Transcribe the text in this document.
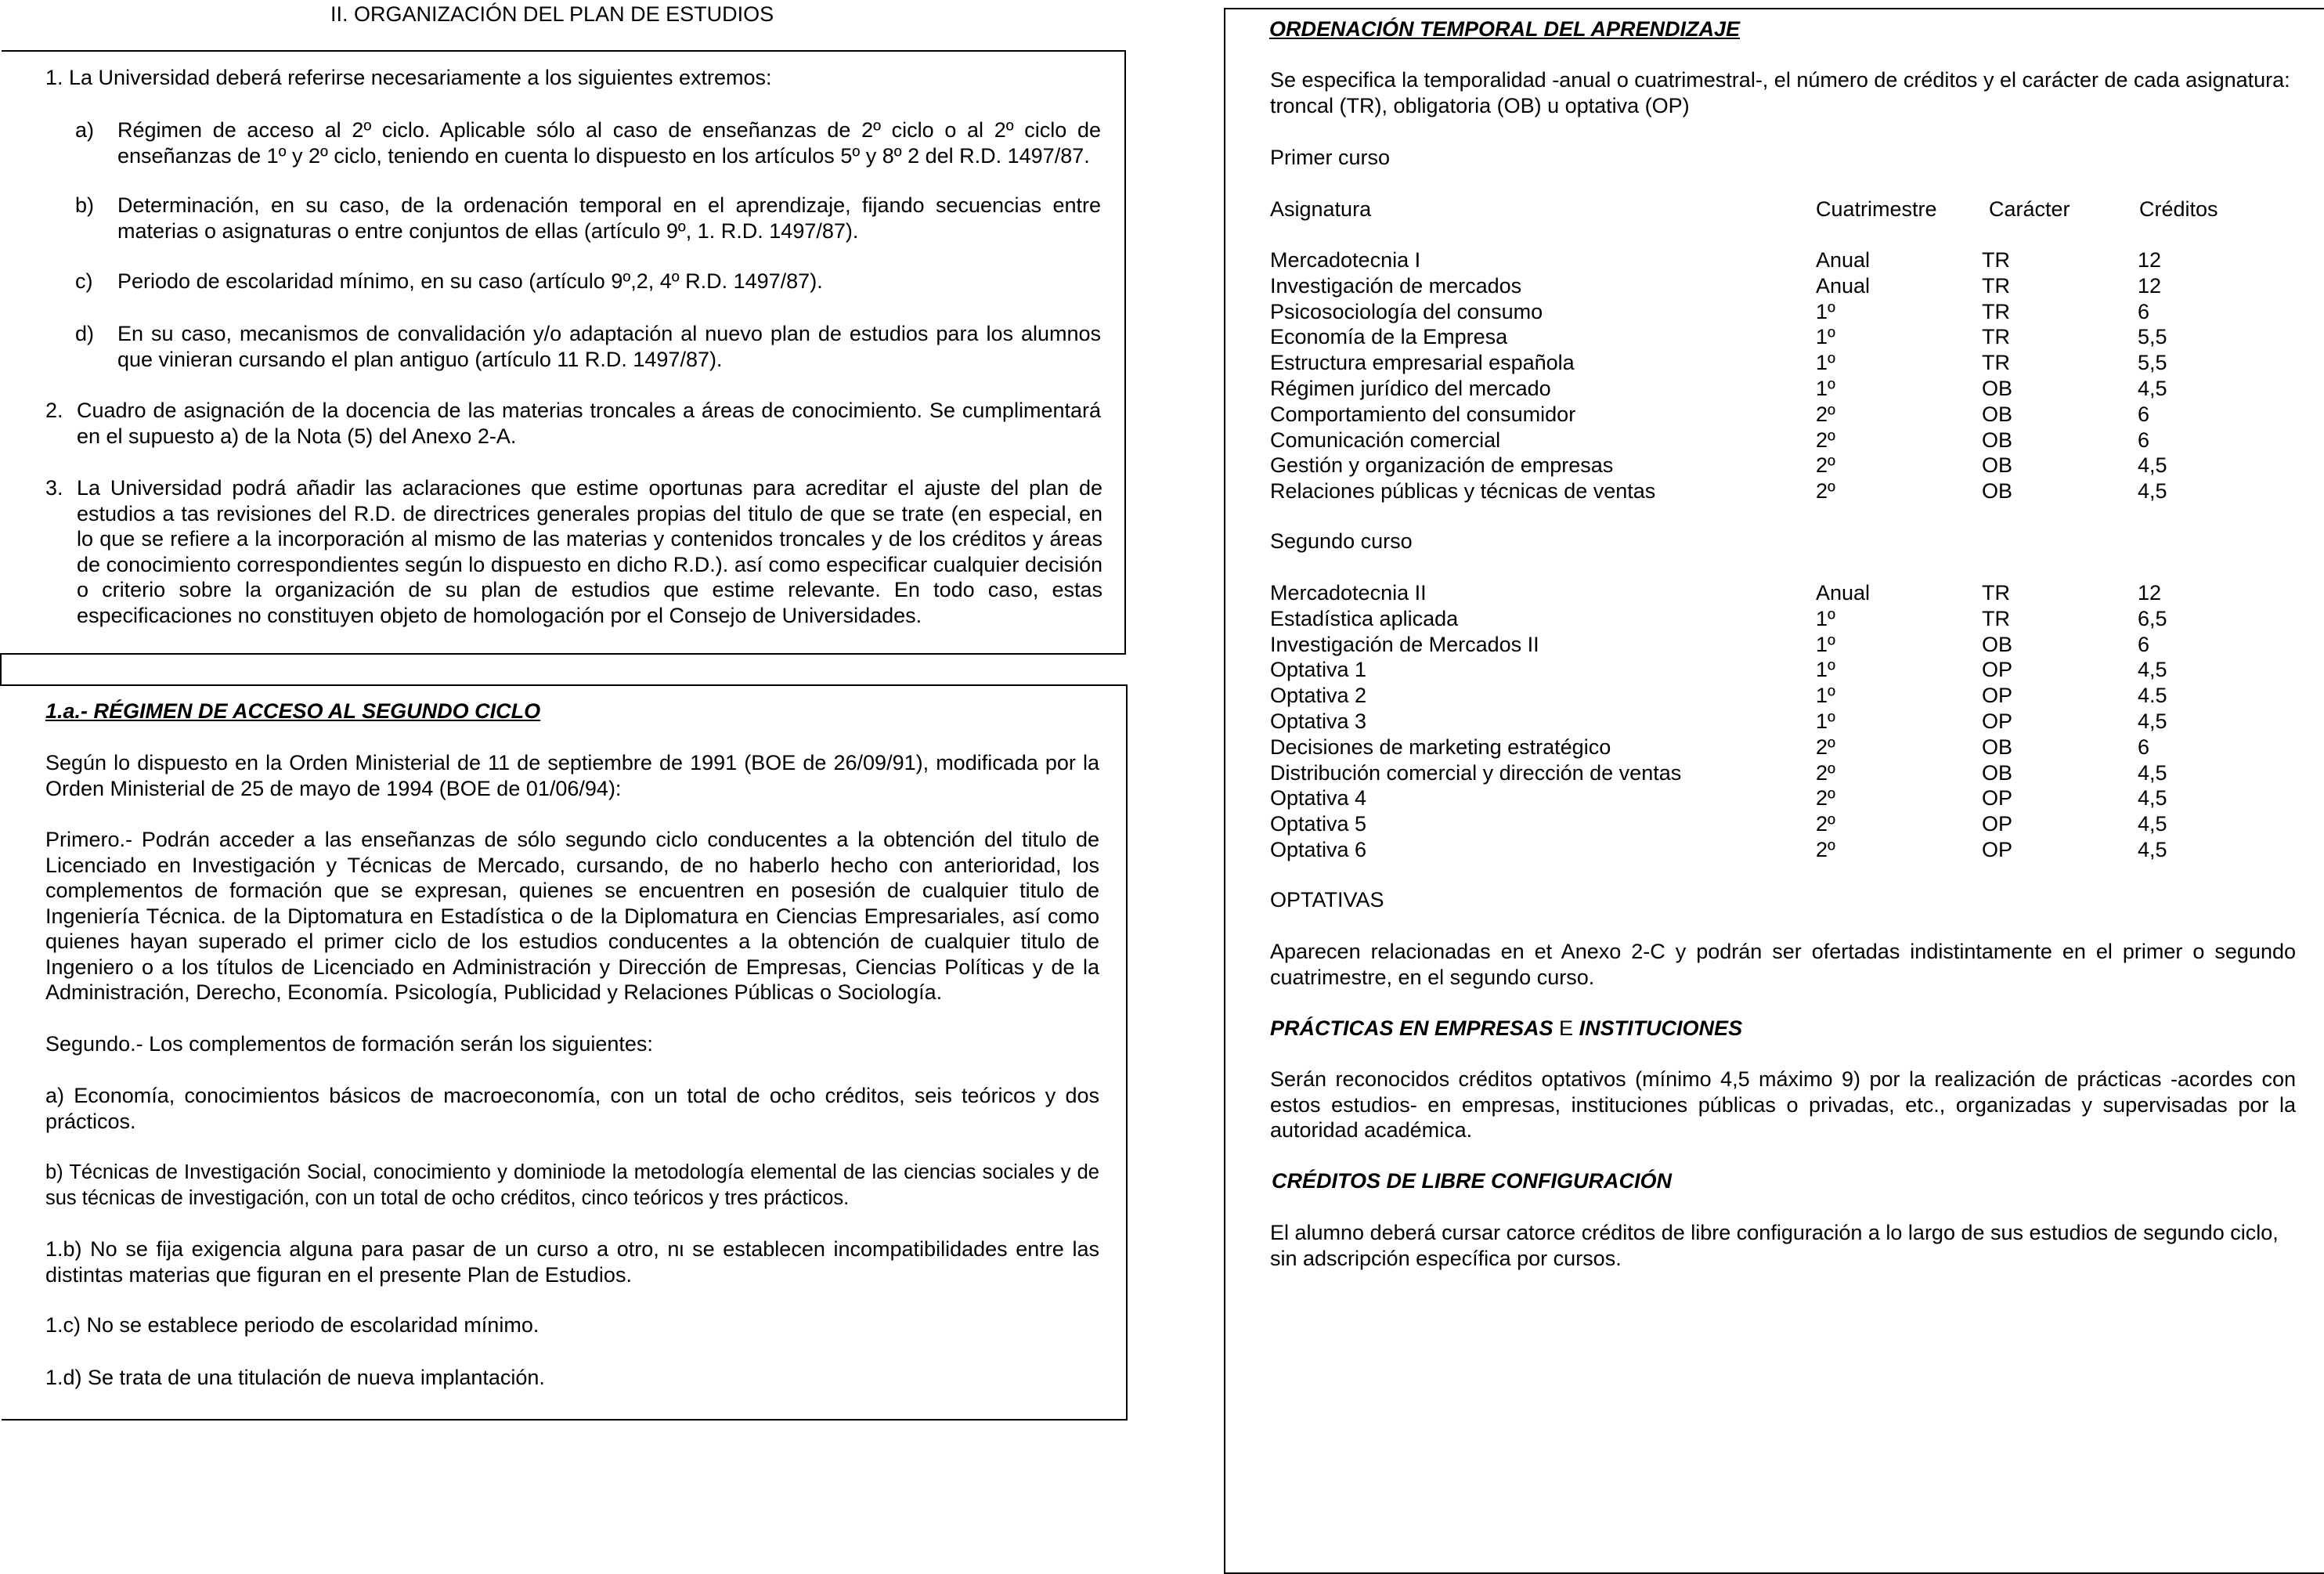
II. ORGANIZACIÓN DEL PLAN DE ESTUDIOS
1. La Universidad deberá referirse necesariamente a los siguientes extremos:
a) Régimen de acceso al 2º ciclo. Aplicable sólo al caso de enseñanzas de 2º ciclo o al 2º ciclo de enseñanzas de 1º y 2º ciclo, teniendo en cuenta lo dispuesto en los artículos 5º y 8º 2 del R.D. 1497/87.

b) Determinación, en su caso, de la ordenación temporal en el aprendizaje, fijando secuencias entre materias o asignaturas o entre conjuntos de ellas (artículo 9º, 1. R.D. 1497/87).

c) Periodo de escolaridad mínimo, en su caso (artículo 9º,2, 4º R.D. 1497/87).

d) En su caso, mecanismos de convalidación y/o adaptación al nuevo plan de estudios para los alumnos que vinieran cursando el plan antiguo (artículo 11 R.D. 1497/87).

2. Cuadro de asignación de la docencia de las materias troncales a áreas de conocimiento. Se cumplimentará en el supuesto a) de la Nota (5) del Anexo 2-A.

3. La Universidad podrá añadir las aclaraciones que estime oportunas para acreditar el ajuste del plan de estudios a tas revisiones del R.D. de directrices generales propias del titulo de que se trate (en especial, en lo que se refiere a la incorporación al mismo de las materias y contenidos troncales y de los créditos y áreas de conocimiento correspondientes según lo dispuesto en dicho R.D.). así como especificar cualquier decisión o criterio sobre la organización de su plan de estudios que estime relevante. En todo caso, estas especificaciones no constituyen objeto de homologación por el Consejo de Universidades.

1.a.- RÉGIMEN DE ACCESO AL SEGUNDO CICLO

Según lo dispuesto en la Orden Ministerial de 11 de septiembre de 1991 (BOE de 26/09/91), modificada por la Orden Ministerial de 25 de mayo de 1994 (BOE de 01/06/94):

Primero.- Podrán acceder a las enseñanzas de sólo segundo ciclo conducentes a la obtención del titulo de Licenciado en Investigación y Técnicas de Mercado, cursando, de no haberlo hecho con anterioridad, los complementos de formación que se expresan, quienes se encuentren en posesión de cualquier titulo de Ingeniería Técnica. de la Diptomatura en Estadística o de la Diplomatura en Ciencias Empresariales, así como quienes hayan superado el primer ciclo de los estudios conducentes a la obtención de cualquier titulo de Ingeniero o a los títulos de Licenciado en Administración y Dirección de Empresas, Ciencias Políticas y de la Administración, Derecho, Economía. Psicología, Publicidad y Relaciones Públicas o Sociología.

Segundo.- Los complementos de formación serán los siguientes:

a) Economía, conocimientos básicos de macroeconomía, con un total de ocho créditos, seis teóricos y dos prácticos.

b) Técnicas de Investigación Social, conocimiento y dominiode la metodología elemental de las ciencias sociales y de sus técnicas de investigación, con un total de ocho créditos, cinco teóricos y tres prácticos.

1.b) No se fija exigencia alguna para pasar de un curso a otro, nι se establecen incompatibilidades entre las distintas materias que figuran en el presente Plan de Estudios.

1.c) No se establece periodo de escolaridad mínimo.

1.d) Se trata de una titulación de nueva implantación.

ORDENACIÓN TEMPORAL DEL APRENDIZAJE

Se especifica la temporalidad -anual o cuatrimestral-, el número de créditos y el carácter de cada asignatura: troncal (TR), obligatoria (OB) u optativa (OP)

Primer curso
Asignatura	Cuatrimestre Carácter	Créditos
Mercadotecnia I	Anual	TR	12
Investigación de mercados	Anual	TR	12
Psicosociología del consumo	1º	TR	6
Economía de la Empresa	1º	TR	5,5
Estructura empresarial española	1º	TR	5,5
Régimen jurídico del mercado	1º	OB	4,5
Comportamiento del consumidor	2º	OB	6
Comunicación comercial	2º	OB	6
Gestión y organización de empresas	2º	OB	4,5
Relaciones públicas y técnicas de ventas	2º	OB	4,5
Segundo curso
Mercadotecnia II	Anual	TR	12
Estadística aplicada	1º	TR	6,5
Investigación de Mercados II	1º	OB	6
Optativa 1	1º	OP	4,5
Optativa 2	1º	OP	4.5
Optativa 3	1º	OP	4,5
Decisiones de marketing estratégico	2º	OB	6
Distribución comercial y dirección de ventas	2º	OB	4,5
Optativa 4	2º	OP	4,5
Optativa 5	2º	OP	4,5
Optativa 6	2º	OP	4,5
OPTATIVAS

Aparecen relacionadas en et Anexo 2-C y podrán ser ofertadas indistintamente en el primer o segundo cuatrimestre, en el segundo curso.

PRÁCTICAS EN EMPRESAS E INSTITUCIONES

Serán reconocidos créditos optativos (mínimo 4,5 máximo 9) por la realización de prácticas -acordes con estos estudios- en empresas, instituciones públicas o privadas, etc., organizadas y supervisadas por la autoridad académica.

CRÉDITOS DE LIBRE CONFIGURACIÓN

El alumno deberá cursar catorce créditos de libre configuración a lo largo de sus estudios de segundo ciclo, sin adscripción específica por cursos.
